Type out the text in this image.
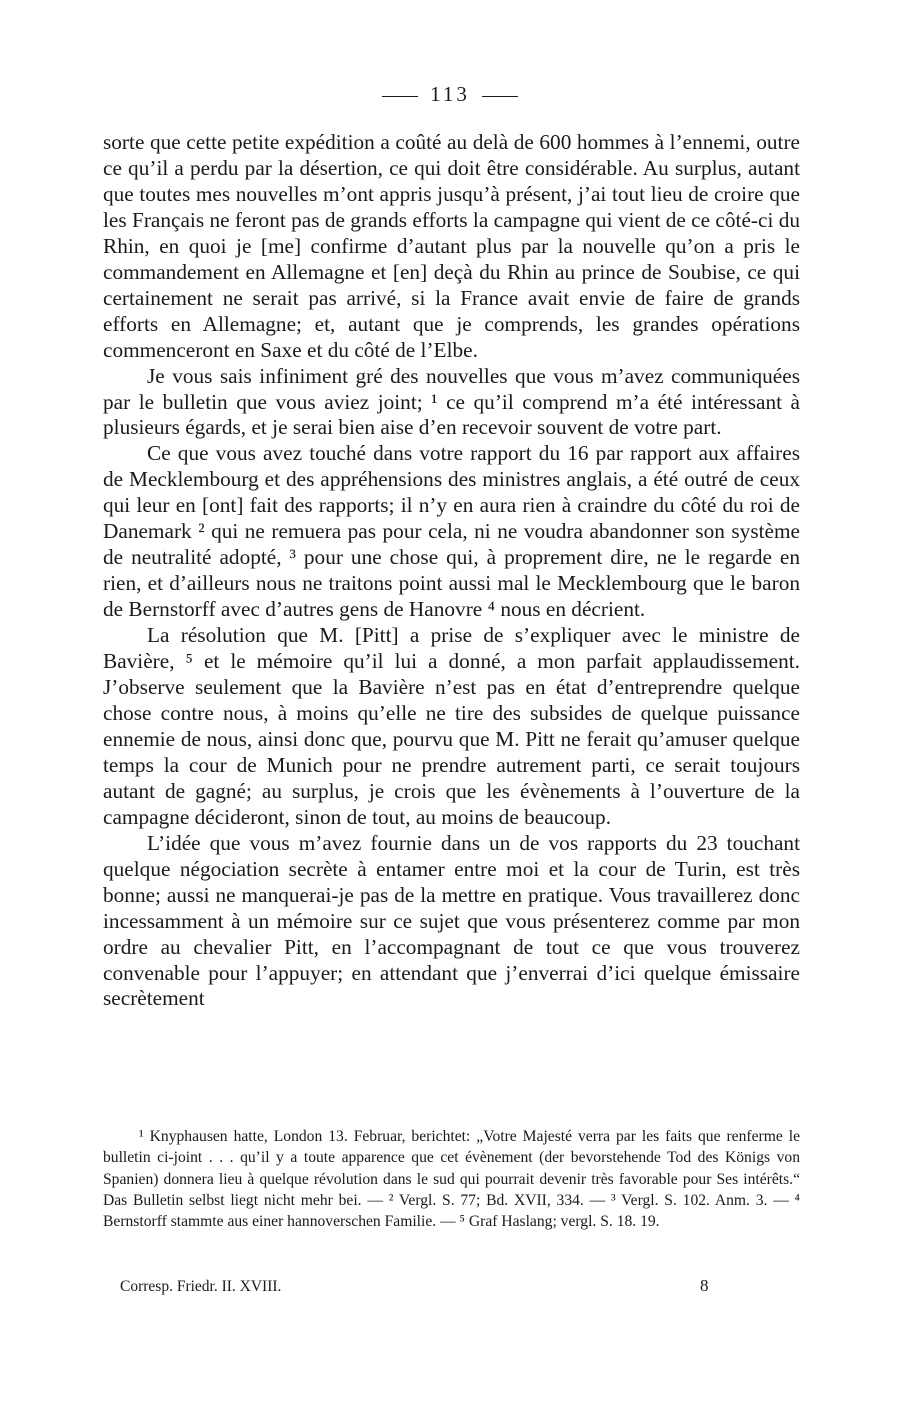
113

sorte que cette petite expédition a coûté au delà de 600 hommes à l’ennemi, outre ce qu’il a perdu par la désertion, ce qui doit être considérable. Au surplus, autant que toutes mes nouvelles m’ont appris jusqu’à présent, j’ai tout lieu de croire que les Français ne feront pas de grands efforts la campagne qui vient de ce côté-ci du Rhin, en quoi je [me] confirme d’autant plus par la nouvelle qu’on a pris le commandement en Allemagne et [en] deçà du Rhin au prince de Soubise, ce qui certainement ne serait pas arrivé, si la France avait envie de faire de grands efforts en Allemagne; et, autant que je comprends, les grandes opérations commenceront en Saxe et du côté de l’Elbe.

Je vous sais infiniment gré des nouvelles que vous m’avez communiquées par le bulletin que vous aviez joint; ¹ ce qu’il comprend m’a été intéressant à plusieurs égards, et je serai bien aise d’en recevoir souvent de votre part.

Ce que vous avez touché dans votre rapport du 16 par rapport aux affaires de Mecklembourg et des appréhensions des ministres anglais, a été outré de ceux qui leur en [ont] fait des rapports; il n’y en aura rien à craindre du côté du roi de Danemark ² qui ne remuera pas pour cela, ni ne voudra abandonner son système de neutralité adopté, ³ pour une chose qui, à proprement dire, ne le regarde en rien, et d’ailleurs nous ne traitons point aussi mal le Mecklembourg que le baron de Bernstorff avec d’autres gens de Hanovre ⁴ nous en décrient.

La résolution que M. [Pitt] a prise de s’expliquer avec le ministre de Bavière, ⁵ et le mémoire qu’il lui a donné, a mon parfait applaudissement. J’observe seulement que la Bavière n’est pas en état d’entreprendre quelque chose contre nous, à moins qu’elle ne tire des subsides de quelque puissance ennemie de nous, ainsi donc que, pourvu que M. Pitt ne ferait qu’amuser quelque temps la cour de Munich pour ne prendre autrement parti, ce serait toujours autant de gagné; au surplus, je crois que les évènements à l’ouverture de la campagne décideront, sinon de tout, au moins de beaucoup.

L’idée que vous m’avez fournie dans un de vos rapports du 23 touchant quelque négociation secrète à entamer entre moi et la cour de Turin, est très bonne; aussi ne manquerai-je pas de la mettre en pratique. Vous travaillerez donc incessamment à un mémoire sur ce sujet que vous présenterez comme par mon ordre au chevalier Pitt, en l’accompagnant de tout ce que vous trouverez convenable pour l’appuyer; en attendant que j’enverrai d’ici quelque émissaire secrètement

¹ Knyphausen hatte, London 13. Februar, berichtet: „Votre Majesté verra par les faits que renferme le bulletin ci-joint . . . qu’il y a toute apparence que cet évènement (der bevorstehende Tod des Königs von Spanien) donnera lieu à quelque révolution dans le sud qui pourrait devenir très favorable pour Ses intérêts.“ Das Bulletin selbst liegt nicht mehr bei. — ² Vergl. S. 77; Bd. XVII, 334. — ³ Vergl. S. 102. Anm. 3. — ⁴ Bernstorff stammte aus einer hannoverschen Familie. — ⁵ Graf Haslang; vergl. S. 18. 19.

Corresp. Friedr. II. XVIII.	8
